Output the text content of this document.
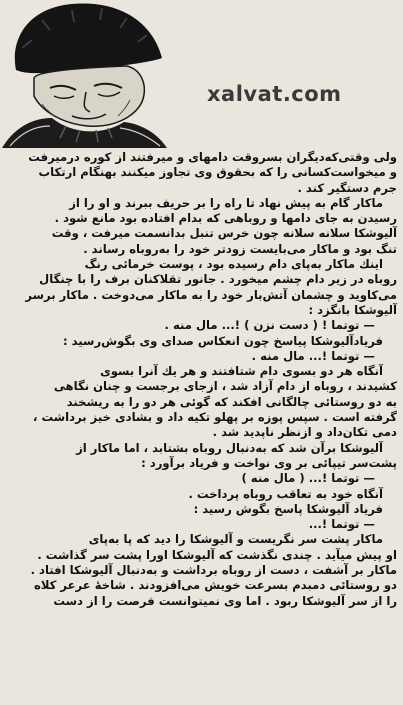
xalvat.com

ولی وقتی‌که‌دیگران بسروقت دامهای و میرفتند از کوره درمیرفت

و میخواست‌کسانی را که بحقوق وی تجاوز میکنند بهنگام ارتکاب

جرم دستگیر کند .

ماکار گام به پیش نهاد تا راه را بر حریف ببرند و او را از

رسیدن به جای دامها و روباهی که بدام افتاده بود مانع شود .

آلیوشکا سلانه سلانه چون خرس تنبل بدانسمت میرفت ، وقت

تنگ بود و ماکار می‌بایست زودتر خود را به‌روباه رساند .

اینك ماکار به‌پای دام رسیده بود ، پوست خرمائی رنگ

روباه در زیر دام چشم میخورد . جانور تقلاکنان برف را با چنگال

می‌کاوید و چشمان آتش‌بار خود را به ماکار می‌دوخت . ماکار برسر

آلیوشکا بانگزد :

— توتما ! ( دست نزن ) !... مال منه .

فریادآلیوشکا پیاسخ چون انعکاس صدای وی بگوش‌رسید :

— توتما !... مال منه .

آنگاه هر دو بسوی دام شتافتند و هر یك آنرا بسوی

کشیدند ، روباه از دام آزاد شد ، ازجای برجست و چنان نگاهی

به دو روستائی چالگانی افکند که گوئی هر دو را به ریشخند

گرفته است . سپس پوزه بر پهلو تکیه داد و بشادی خیز برداشت ،

دمی تکان‌داد و ازنظر ناپدید شد .

آلیوشکا برآن شد که به‌دنبال روباه بشتابد ، اما ماکار از

پشت‌سر تیپائی بر وی نواخت و فریاد برآورد :

— توتما !... ( مال منه )

آنگاه خود به تعاقب روباه پرداخت .

فریاد آلیوشکا پاسخ بگوش رسید :

— توتما !...

ماکار پشت سر نگریست و آلیوشکا را دید که پا به‌پای

او پیش میآید . چندی نگذشت که آلیوشکا اورا پشت سر گذاشت .

ماکار بر آشفت ، دست از روباه برداشت و به‌دنبال آلیوشکا افتاد .

دو روستائی دمبدم بسرعت خویش می‌افزودند . شاخهٔ عرعر کلاه

را از سر آلیوشکا ربود . اما وی نمیتوانست فرصت را از دست
